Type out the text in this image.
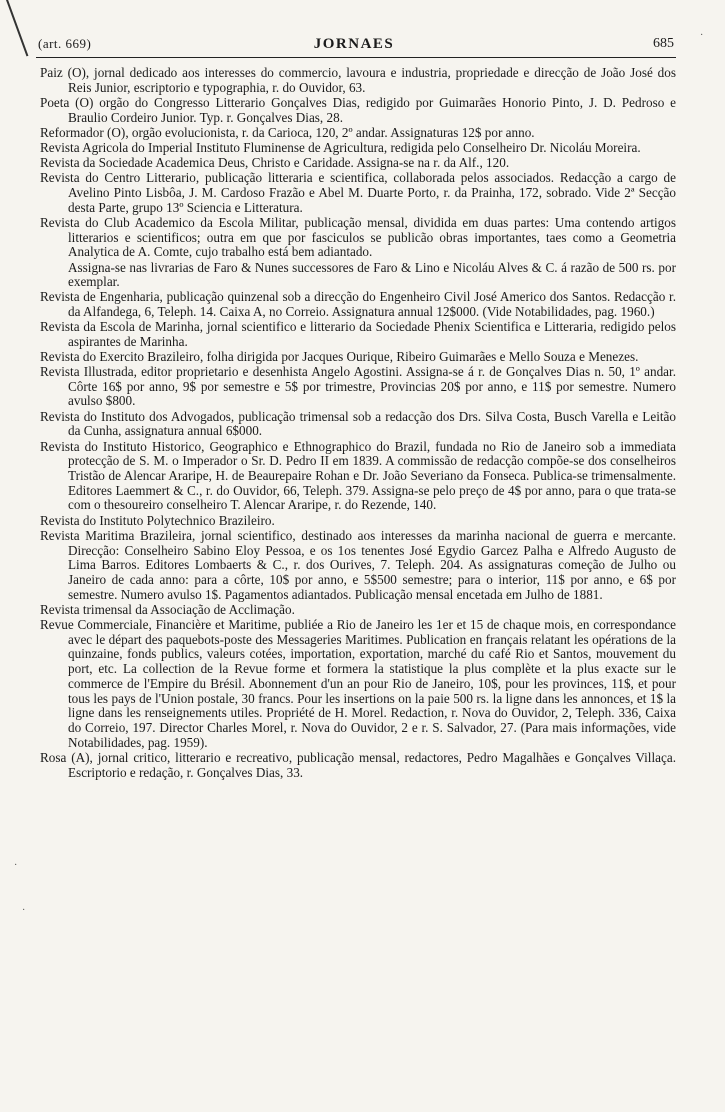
(art. 669)	JORNAES	685

Paiz (O), jornal dedicado aos interesses do commercio, lavoura e industria, propriedade e direcção de João José dos Reis Junior, escriptorio e typographia, r. do Ouvidor, 63.

Poeta (O) orgão do Congresso Litterario Gonçalves Dias, redigido por Guimarães Honorio Pinto, J. D. Pedroso e Braulio Cordeiro Junior. Typ. r. Gonçalves Dias, 28.

Reformador (O), orgão evolucionista, r. da Carioca, 120, 2º andar. Assignaturas 12$ por anno.

Revista Agricola do Imperial Instituto Fluminense de Agricultura, redigida pelo Conselheiro Dr. Nicoláu Moreira.

Revista da Sociedade Academica Deus, Christo e Caridade. Assigna-se na r. da Alf., 120.

Revista do Centro Litterario, publicação litteraria e scientifica, collaborada pelos associados. Redacção a cargo de Avelino Pinto Lisbôa, J. M. Cardoso Frazão e Abel M. Duarte Porto, r. da Prainha, 172, sobrado. Vide 2ª Secção desta Parte, grupo 13º Sciencia e Litteratura.

Revista do Club Academico da Escola Militar, publicação mensal, dividida em duas partes: Uma contendo artigos litterarios e scientificos; outra em que por fasciculos se publicão obras importantes, taes como a Geometria Analytica de A. Comte, cujo trabalho está bem adiantado.

Assigna-se nas livrarias de Faro & Nunes successores de Faro & Lino e Nicoláu Alves & C. á razão de 500 rs. por exemplar.

Revista de Engenharia, publicação quinzenal sob a direcção do Engenheiro Civil José Americo dos Santos. Redacção r. da Alfandega, 6, Teleph. 14. Caixa A, no Correio. Assignatura annual 12$000. (Vide Notabilidades, pag. 1960.)

Revista da Escola de Marinha, jornal scientifico e litterario da Sociedade Phenix Scientifica e Litteraria, redigido pelos aspirantes de Marinha.

Revista do Exercito Brazileiro, folha dirigida por Jacques Ourique, Ribeiro Guimarães e Mello Souza e Menezes.

Revista Illustrada, editor proprietario e desenhista Angelo Agostini. Assigna-se á r. de Gonçalves Dias n. 50, 1º andar. Côrte 16$ por anno, 9$ por semestre e 5$ por trimestre, Provincias 20$ por anno, e 11$ por semestre. Numero avulso $800.

Revista do Instituto dos Advogados, publicação trimensal sob a redacção dos Drs. Silva Costa, Busch Varella e Leitão da Cunha, assignatura annual 6$000.

Revista do Instituto Historico, Geographico e Ethnographico do Brazil, fundada no Rio de Janeiro sob a immediata protecção de S. M. o Imperador o Sr. D. Pedro II em 1839. A commissão de redacção compõe-se dos conselheiros Tristão de Alencar Araripe, H. de Beaurepaire Rohan e Dr. João Severiano da Fonseca. Publica-se trimensalmente. Editores Laemmert & C., r. do Ouvidor, 66, Teleph. 379. Assigna-se pelo preço de 4$ por anno, para o que trata-se com o thesoureiro conselheiro T. Alencar Araripe, r. do Rezende, 140.

Revista do Instituto Polytechnico Brazileiro.

Revista Maritima Brazileira, jornal scientifico, destinado aos interesses da marinha nacional de guerra e mercante. Direcção: Conselheiro Sabino Eloy Pessoa, e os 1os tenentes José Egydio Garcez Palha e Alfredo Augusto de Lima Barros. Editores Lombaerts & C., r. dos Ourives, 7. Teleph. 204. As assignaturas começão de Julho ou Janeiro de cada anno: para a côrte, 10$ por anno, e 5$500 semestre; para o interior, 11$ por anno, e 6$ por semestre. Numero avulso 1$. Pagamentos adiantados. Publicação mensal encetada em Julho de 1881.

Revista trimensal da Associação de Acclimação.

Revue Commerciale, Financière et Maritime, publiée a Rio de Janeiro les 1er et 15 de chaque mois, en correspondance avec le départ des paquebots-poste des Messageries Maritimes. Publication en français relatant les opérations de la quinzaine, fonds publics, valeurs cotées, importation, exportation, marché du café Rio et Santos, mouvement du port, etc. La collection de la Revue forme et formera la statistique la plus complète et la plus exacte sur le commerce de l'Empire du Brésil. Abonnement d'un an pour Rio de Janeiro, 10$, pour les provinces, 11$, et pour tous les pays de l'Union postale, 30 francs. Pour les insertions on la paie 500 rs. la ligne dans les annonces, et 1$ la ligne dans les renseignements utiles. Propriété de H. Morel. Redaction, r. Nova do Ouvidor, 2, Teleph. 336, Caixa do Correio, 197. Director Charles Morel, r. Nova do Ouvidor, 2 e r. S. Salvador, 27. (Para mais informações, vide Notabilidades, pag. 1959).

Rosa (A), jornal critico, litterario e recreativo, publicação mensal, redactores, Pedro Magalhães e Gonçalves Villaça. Escriptorio e redação, r. Gonçalves Dias, 33.

·
·
·
